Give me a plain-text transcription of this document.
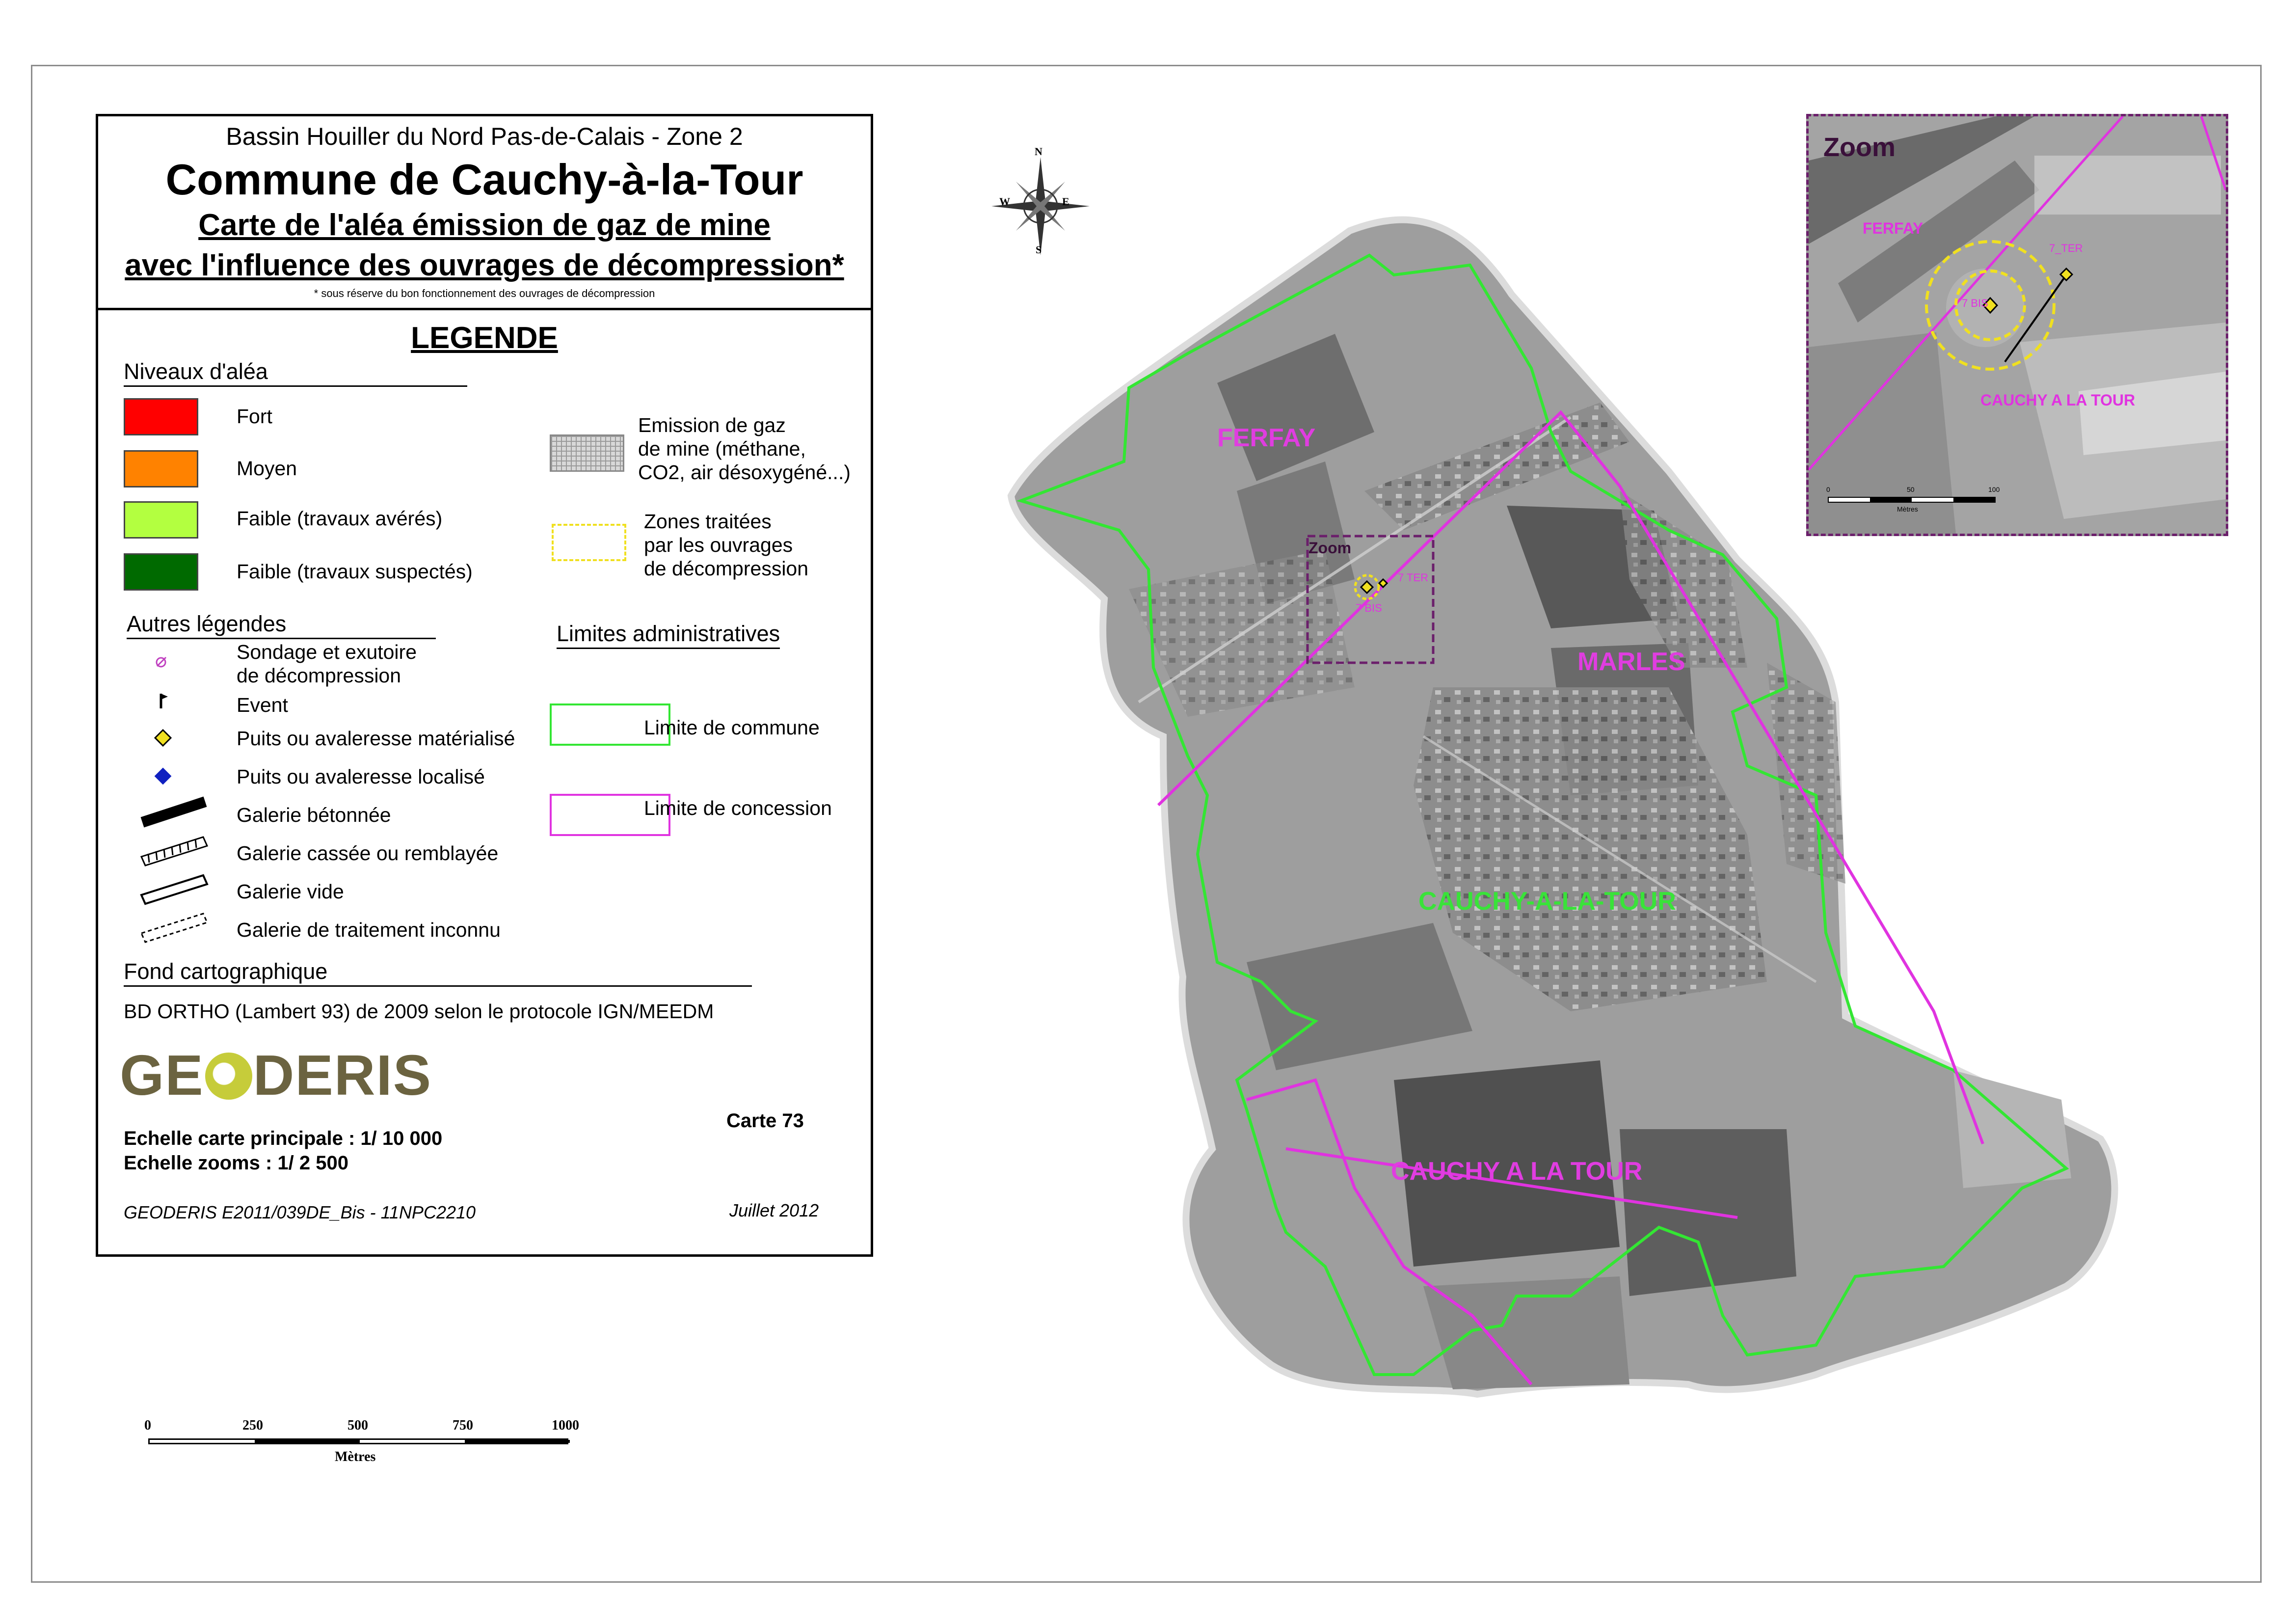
Bassin Houiller du Nord Pas-de-Calais - Zone 2
Commune de Cauchy-à-la-Tour
Carte de l'aléa émission de gaz de mine
avec l'influence des ouvrages de décompression*
* sous réserve du bon fonctionnement des ouvrages de décompression
LEGENDE
Niveaux d'aléa
Fort
Moyen
Faible (travaux avérés)
Faible (travaux suspectés)
Emission de gaz
de mine (méthane,
CO2, air désoxygéné...)
Zones traitées
par les ouvrages
de décompression
Autres légendes
Sondage et exutoire
de décompression
Event
Puits ou avaleresse matérialisé
Puits ou avaleresse localisé
Galerie bétonnée
Galerie cassée ou remblayée
Galerie vide
Galerie de traitement inconnu
Limites administratives
Limite de commune
Limite de concession
Fond cartographique
BD ORTHO (Lambert 93) de 2009 selon le protocole IGN/MEEDM
GE DERIS
Carte 73
Echelle carte principale : 1/ 10 000
Echelle zooms : 1/ 2 500
GEODERIS E2011/039DE_Bis - 11NPC2210	Juillet 2012
N
S
E
W
FERFAY
MARLES
CAUCHY-A-LA-TOUR
CAUCHY A LA TOUR
Zoom
7 TER
7 BIS
Zoom
FERFAY
CAUCHY A LA TOUR
7_TER
7 BIS
0	50	100
Mètres
0	250	500	750	1000
Mètres
